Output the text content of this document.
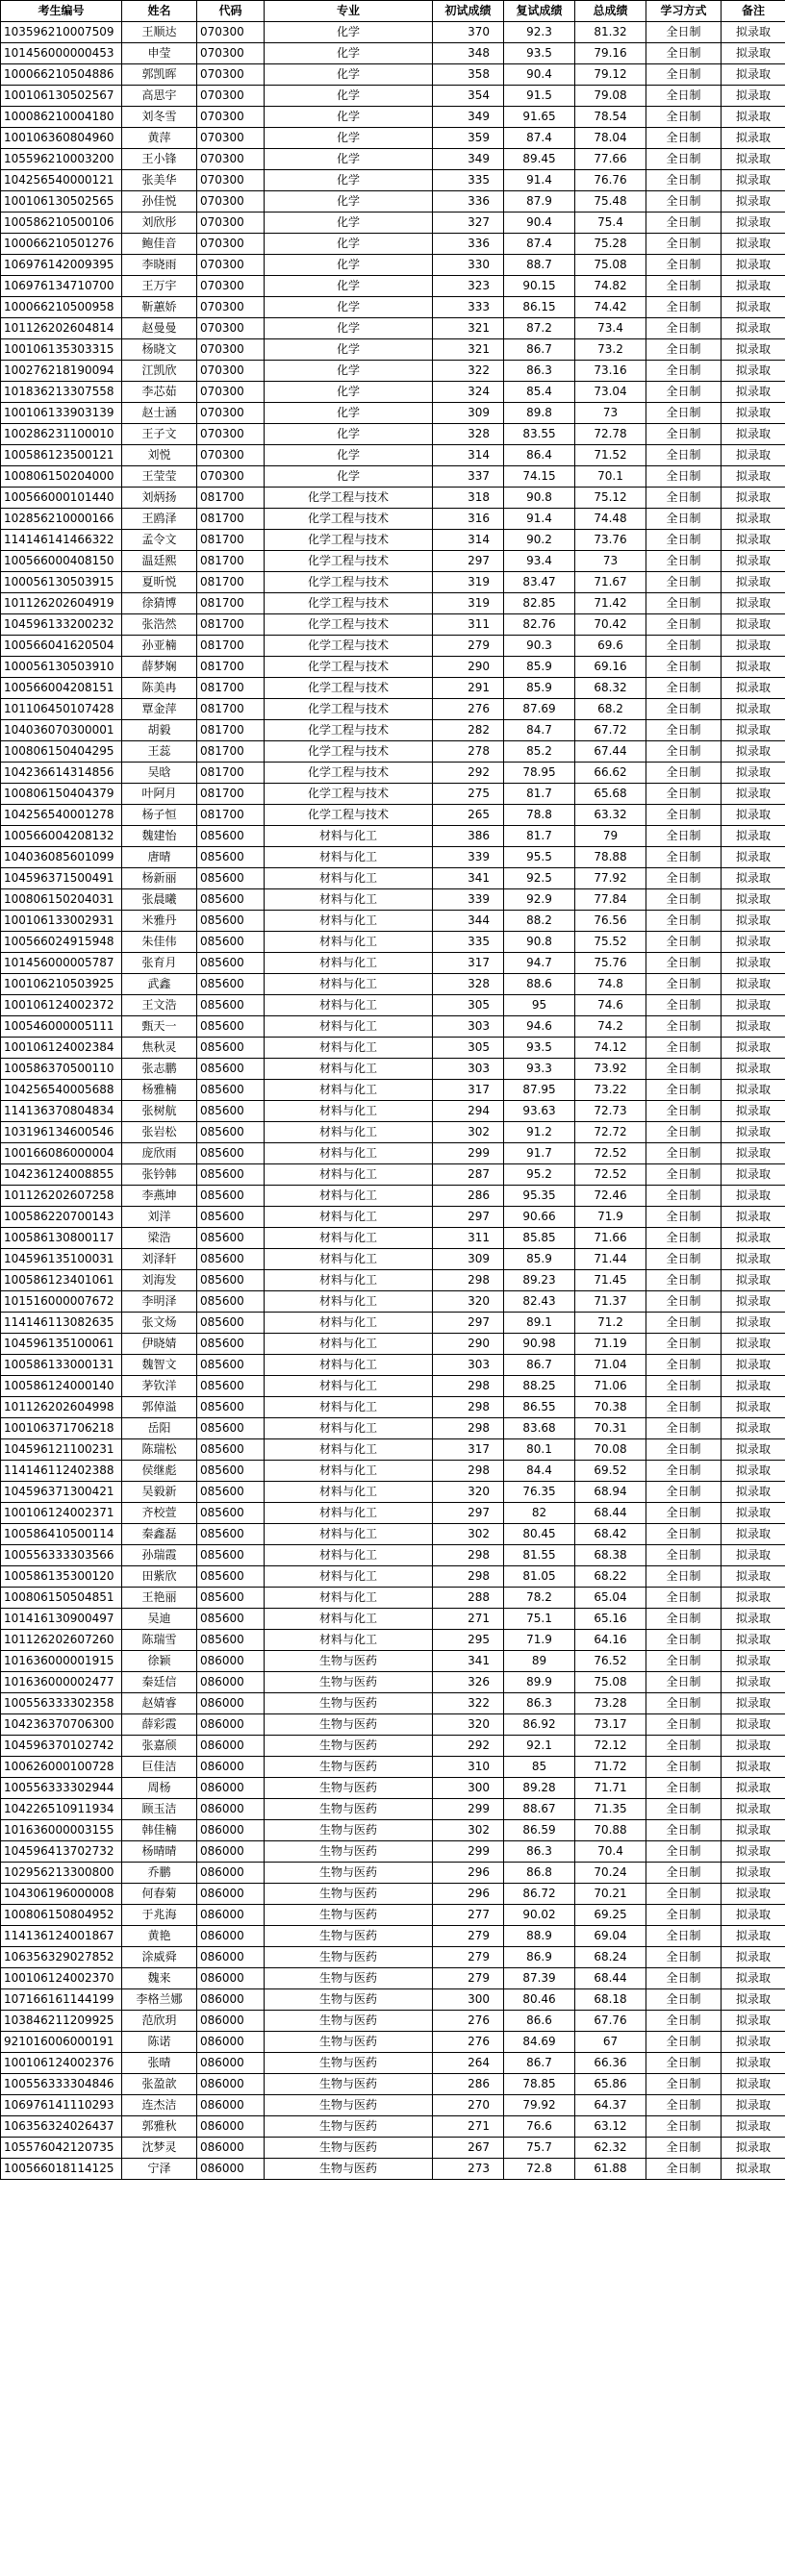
考生编号	姓名	代码	专业	初试成绩	复试成绩	总成绩	学习方式	备注
103596210007509	王顺达	070300	化学	370	92.3	81.32	全日制	拟录取
101456000000453	申莹	070300	化学	348	93.5	79.16	全日制	拟录取
100066210504886	郭凯晖	070300	化学	358	90.4	79.12	全日制	拟录取
100106130502567	高思宇	070300	化学	354	91.5	79.08	全日制	拟录取
100086210004180	刘冬雪	070300	化学	349	91.65	78.54	全日制	拟录取
100106360804960	黄萍	070300	化学	359	87.4	78.04	全日制	拟录取
105596210003200	王小锋	070300	化学	349	89.45	77.66	全日制	拟录取
104256540000121	张美华	070300	化学	335	91.4	76.76	全日制	拟录取
100106130502565	孙佳悦	070300	化学	336	87.9	75.48	全日制	拟录取
100586210500106	刘欣彤	070300	化学	327	90.4	75.4	全日制	拟录取
100066210501276	鲍佳音	070300	化学	336	87.4	75.28	全日制	拟录取
106976142009395	李晓雨	070300	化学	330	88.7	75.08	全日制	拟录取
106976134710700	王万宇	070300	化学	323	90.15	74.82	全日制	拟录取
100066210500958	靳蕙娇	070300	化学	333	86.15	74.42	全日制	拟录取
101126202604814	赵曼曼	070300	化学	321	87.2	73.4	全日制	拟录取
100106135303315	杨晓文	070300	化学	321	86.7	73.2	全日制	拟录取
100276218190094	江凯欣	070300	化学	322	86.3	73.16	全日制	拟录取
101836213307558	李芯茹	070300	化学	324	85.4	73.04	全日制	拟录取
100106133903139	赵士涵	070300	化学	309	89.8	73	全日制	拟录取
100286231100010	王子文	070300	化学	328	83.55	72.78	全日制	拟录取
100586123500121	刘悦	070300	化学	314	86.4	71.52	全日制	拟录取
100806150204000	王莹莹	070300	化学	337	74.15	70.1	全日制	拟录取
100566000101440	刘炳扬	081700	化学工程与技术	318	90.8	75.12	全日制	拟录取
102856210000166	王鸥泽	081700	化学工程与技术	316	91.4	74.48	全日制	拟录取
114146141466322	孟令文	081700	化学工程与技术	314	90.2	73.76	全日制	拟录取
100566000408150	温廷熙	081700	化学工程与技术	297	93.4	73	全日制	拟录取
100056130503915	夏昕悦	081700	化学工程与技术	319	83.47	71.67	全日制	拟录取
101126202604919	徐猜博	081700	化学工程与技术	319	82.85	71.42	全日制	拟录取
104596133200232	张浩然	081700	化学工程与技术	311	82.76	70.42	全日制	拟录取
100566041620504	孙亚楠	081700	化学工程与技术	279	90.3	69.6	全日制	拟录取
100056130503910	薛梦娴	081700	化学工程与技术	290	85.9	69.16	全日制	拟录取
100566004208151	陈美冉	081700	化学工程与技术	291	85.9	68.32	全日制	拟录取
101106450107428	覃金萍	081700	化学工程与技术	276	87.69	68.2	全日制	拟录取
104036070300001	胡毅	081700	化学工程与技术	282	84.7	67.72	全日制	拟录取
100806150404295	王蕊	081700	化学工程与技术	278	85.2	67.44	全日制	拟录取
104236614314856	吴晗	081700	化学工程与技术	292	78.95	66.62	全日制	拟录取
100806150404379	叶阿月	081700	化学工程与技术	275	81.7	65.68	全日制	拟录取
104256540001278	杨子恒	081700	化学工程与技术	265	78.8	63.32	全日制	拟录取
100566004208132	魏建怡	085600	材料与化工	386	81.7	79	全日制	拟录取
104036085601099	唐晴	085600	材料与化工	339	95.5	78.88	全日制	拟录取
104596371500491	杨新丽	085600	材料与化工	341	92.5	77.92	全日制	拟录取
100806150204031	张晨曦	085600	材料与化工	339	92.9	77.84	全日制	拟录取
100106133002931	米雅丹	085600	材料与化工	344	88.2	76.56	全日制	拟录取
100566024915948	朱佳伟	085600	材料与化工	335	90.8	75.52	全日制	拟录取
101456000005787	张育月	085600	材料与化工	317	94.7	75.76	全日制	拟录取
100106210503925	武鑫	085600	材料与化工	328	88.6	74.8	全日制	拟录取
100106124002372	王文浩	085600	材料与化工	305	95	74.6	全日制	拟录取
100546000005111	甄天一	085600	材料与化工	303	94.6	74.2	全日制	拟录取
100106124002384	焦秋灵	085600	材料与化工	305	93.5	74.12	全日制	拟录取
100586370500110	张志鹏	085600	材料与化工	303	93.3	73.92	全日制	拟录取
104256540005688	杨雅楠	085600	材料与化工	317	87.95	73.22	全日制	拟录取
114136370804834	张树航	085600	材料与化工	294	93.63	72.73	全日制	拟录取
103196134600546	张岩松	085600	材料与化工	302	91.2	72.72	全日制	拟录取
100166086000004	庞欣雨	085600	材料与化工	299	91.7	72.52	全日制	拟录取
104236124008855	张钤韩	085600	材料与化工	287	95.2	72.52	全日制	拟录取
101126202607258	李燕坤	085600	材料与化工	286	95.35	72.46	全日制	拟录取
100586220700143	刘洋	085600	材料与化工	297	90.66	71.9	全日制	拟录取
100586130800117	梁浩	085600	材料与化工	311	85.85	71.66	全日制	拟录取
104596135100031	刘泽轩	085600	材料与化工	309	85.9	71.44	全日制	拟录取
100586123401061	刘海发	085600	材料与化工	298	89.23	71.45	全日制	拟录取
101516000007672	李明泽	085600	材料与化工	320	82.43	71.37	全日制	拟录取
114146113082635	张文炀	085600	材料与化工	297	89.1	71.2	全日制	拟录取
104596135100061	伊晓婧	085600	材料与化工	290	90.98	71.19	全日制	拟录取
100586133000131	魏智文	085600	材料与化工	303	86.7	71.04	全日制	拟录取
100586124000140	茅钦洋	085600	材料与化工	298	88.25	71.06	全日制	拟录取
101126202604998	郭倬溢	085600	材料与化工	298	86.55	70.38	全日制	拟录取
100106371706218	岳阳	085600	材料与化工	298	83.68	70.31	全日制	拟录取
104596121100231	陈瑞松	085600	材料与化工	317	80.1	70.08	全日制	拟录取
114146112402388	侯继彪	085600	材料与化工	298	84.4	69.52	全日制	拟录取
104596371300421	吴毅新	085600	材料与化工	320	76.35	68.94	全日制	拟录取
100106124002371	齐校萱	085600	材料与化工	297	82	68.44	全日制	拟录取
100586410500114	秦鑫磊	085600	材料与化工	302	80.45	68.42	全日制	拟录取
100556333303566	孙瑞霞	085600	材料与化工	298	81.55	68.38	全日制	拟录取
100586135300120	田紫欣	085600	材料与化工	298	81.05	68.22	全日制	拟录取
100806150504851	王艳丽	085600	材料与化工	288	78.2	65.04	全日制	拟录取
101416130900497	吴迪	085600	材料与化工	271	75.1	65.16	全日制	拟录取
101126202607260	陈瑞雪	085600	材料与化工	295	71.9	64.16	全日制	拟录取
101636000001915	徐颖	086000	生物与医药	341	89	76.52	全日制	拟录取
101636000002477	秦廷信	086000	生物与医药	326	89.9	75.08	全日制	拟录取
100556333302358	赵婧睿	086000	生物与医药	322	86.3	73.28	全日制	拟录取
104236370706300	薛彩霞	086000	生物与医药	320	86.92	73.17	全日制	拟录取
104596370102742	张嘉颀	086000	生物与医药	292	92.1	72.12	全日制	拟录取
100626000100728	巨佳洁	086000	生物与医药	310	85	71.72	全日制	拟录取
100556333302944	周杨	086000	生物与医药	300	89.28	71.71	全日制	拟录取
104226510911934	顾玉洁	086000	生物与医药	299	88.67	71.35	全日制	拟录取
101636000003155	韩佳楠	086000	生物与医药	302	86.59	70.88	全日制	拟录取
104596413702732	杨晴晴	086000	生物与医药	299	86.3	70.4	全日制	拟录取
102956213300800	乔鹏	086000	生物与医药	296	86.8	70.24	全日制	拟录取
104306196000008	何春菊	086000	生物与医药	296	86.72	70.21	全日制	拟录取
100806150804952	于兆海	086000	生物与医药	277	90.02	69.25	全日制	拟录取
114136124001867	黄艳	086000	生物与医药	279	88.9	69.04	全日制	拟录取
106356329027852	涂威舜	086000	生物与医药	279	86.9	68.24	全日制	拟录取
100106124002370	魏来	086000	生物与医药	279	87.39	68.44	全日制	拟录取
107166161144199	李格兰娜	086000	生物与医药	300	80.46	68.18	全日制	拟录取
103846211209925	范欣玥	086000	生物与医药	276	86.6	67.76	全日制	拟录取
921016006000191	陈诺	086000	生物与医药	276	84.69	67	全日制	拟录取
100106124002376	张晴	086000	生物与医药	264	86.7	66.36	全日制	拟录取
100556333304846	张盈歆	086000	生物与医药	286	78.85	65.86	全日制	拟录取
106976141110293	连杰洁	086000	生物与医药	270	79.92	64.37	全日制	拟录取
106356324026437	郭雅秋	086000	生物与医药	271	76.6	63.12	全日制	拟录取
105576042120735	沈梦灵	086000	生物与医药	267	75.7	62.32	全日制	拟录取
100566018114125	宁泽	086000	生物与医药	273	72.8	61.88	全日制	拟录取
